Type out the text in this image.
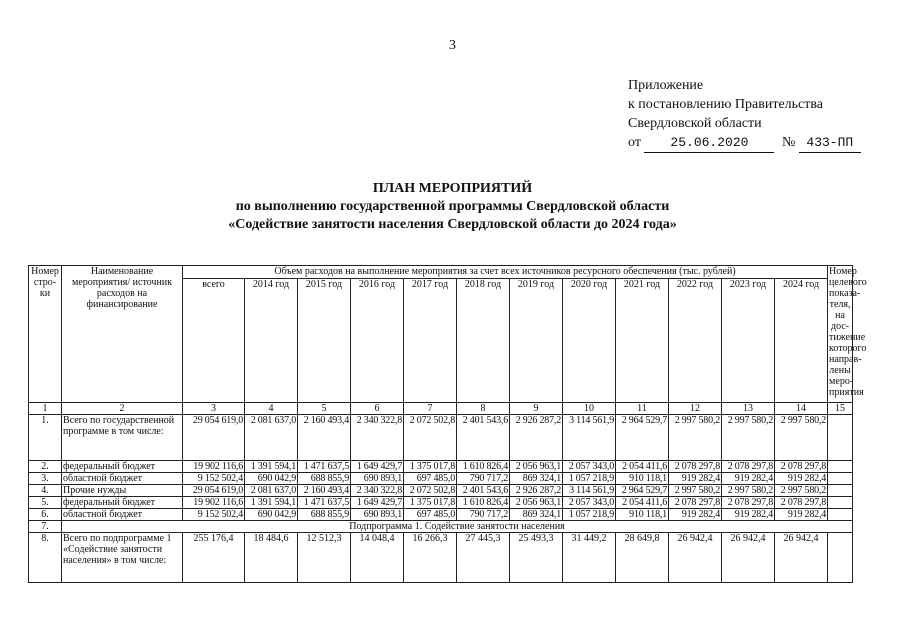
3
Приложение
к постановлению Правительства
Свердловской области
от 25.06.2020 № 433-ПП
ПЛАН МЕРОПРИЯТИЙ
по выполнению государственной программы Свердловской области
«Содействие занятости населения Свердловской области до 2024 года»
Номер стро-ки	Наименование мероприятия/ источник расходов на финансирование	Объем расходов на выполнение мероприятия за счет всех источников ресурсного обеспечения (тыс. рублей)												Номер целевого показа-теля, на дос-тижение которого направ-лены меро-приятия
		всего	2014 год	2015 год	2016 год	2017 год	2018 год	2019 год	2020 год	2021 год	2022 год	2023 год	2024 год	
1	2	3	4	5	6	7	8	9	10	11	12	13	14	15
1.	Всего по государственной программе в том числе:	29 054 619,0	2 081 637,0	2 160 493,4	2 340 322,8	2 072 502,8	2 401 543,6	2 926 287,2	3 114 561,9	2 964 529,7	2 997 580,2	2 997 580,2	2 997 580,2	
2.	федеральный бюджет	19 902 116,6	1 391 594,1	1 471 637,5	1 649 429,7	1 375 017,8	1 610 826,4	2 056 963,1	2 057 343,0	2 054 411,6	2 078 297,8	2 078 297,8	2 078 297,8	
3.	областной бюджет	9 152 502,4	690 042,9	688 855,9	690 893,1	697 485,0	790 717,2	869 324,1	1 057 218,9	910 118,1	919 282,4	919 282,4	919 282,4	
4.	Прочие нужды	29 054 619,0	2 081 637,0	2 160 493,4	2 340 322,8	2 072 502,8	2 401 543,6	2 926 287,2	3 114 561,9	2 964 529,7	2 997 580,2	2 997 580,2	2 997 580,2	
5.	федеральный бюджет	19 902 116,6	1 391 594,1	1 471 637,5	1 649 429,7	1 375 017,8	1 610 826,4	2 056 963,1	2 057 343,0	2 054 411,6	2 078 297,8	2 078 297,8	2 078 297,8	
6.	областной бюджет	9 152 502,4	690 042,9	688 855,9	690 893,1	697 485,0	790 717,2	869 324,1	1 057 218,9	910 118,1	919 282,4	919 282,4	919 282,4	
7.	Подпрограмма 1. Содействие занятости населения													
8.	Всего по подпрограмме 1 «Содействие занятости населения» в том числе:	255 176,4	18 484,6	12 512,3	14 048,4	16 266,3	27 445,3	25 493,3	31 449,2	28 649,8	26 942,4	26 942,4	26 942,4	
